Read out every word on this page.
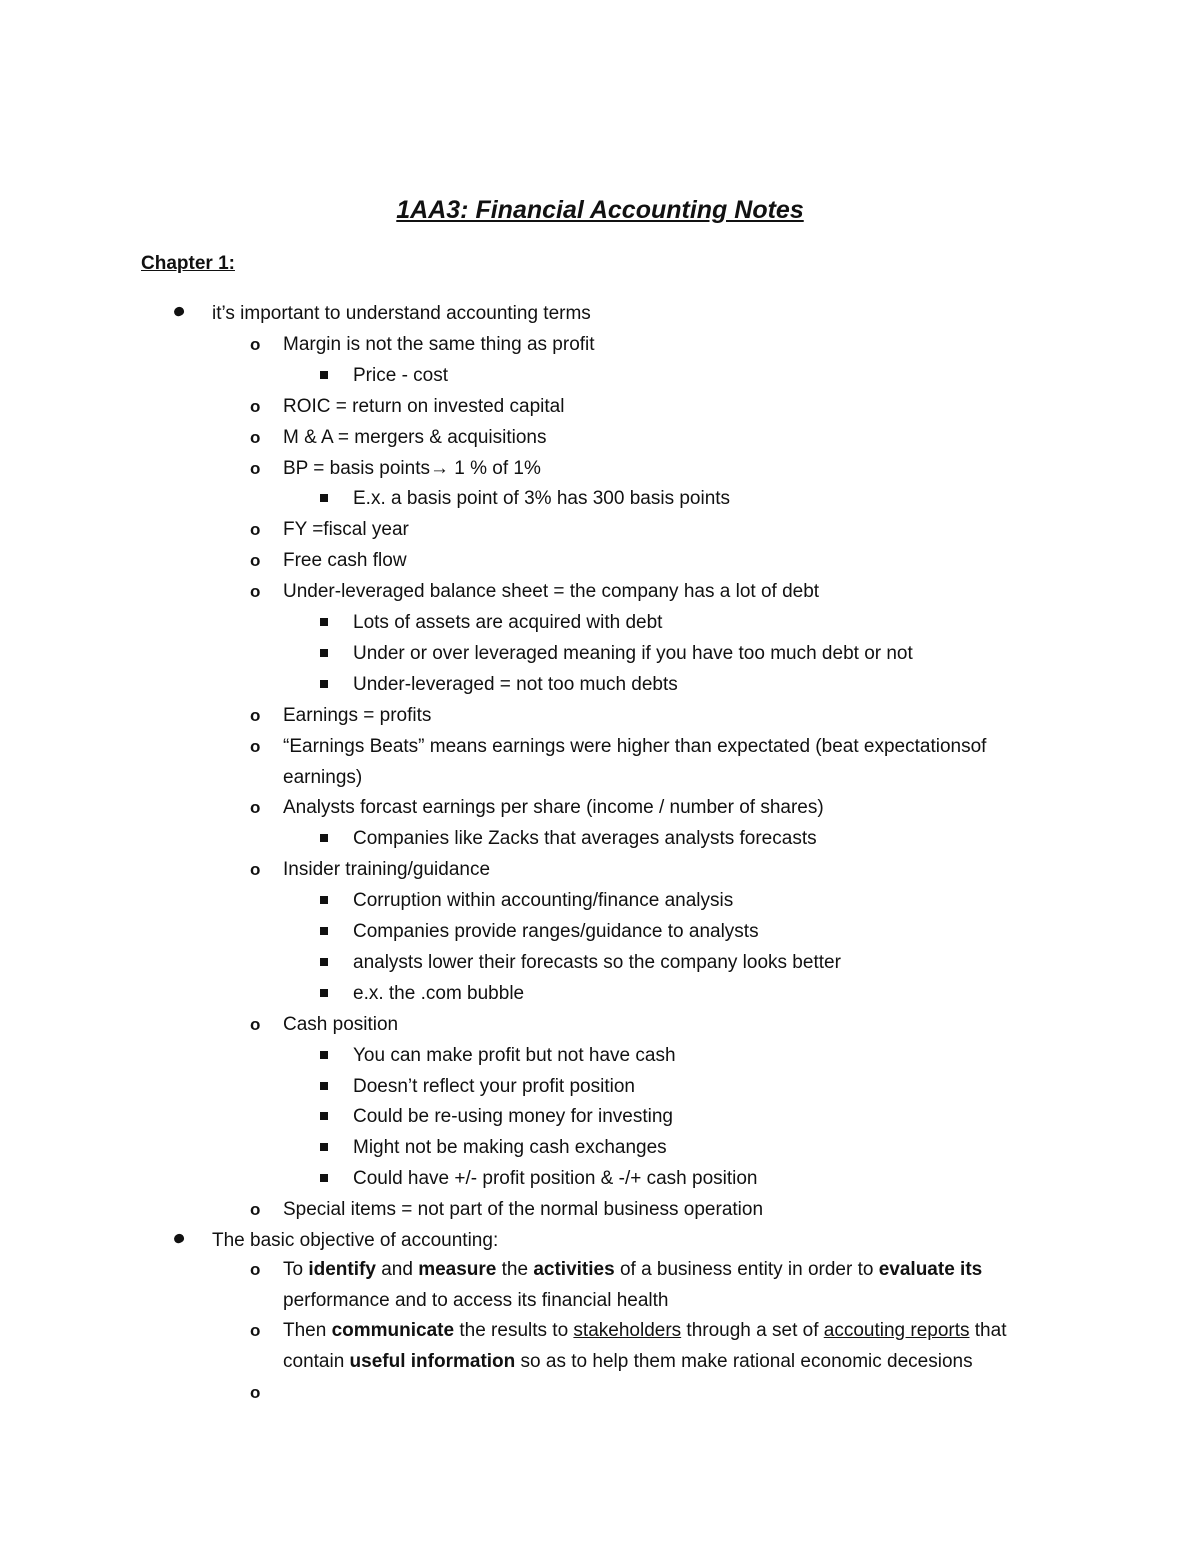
1AA3: Financial Accounting Notes
Chapter 1:
it’s important to understand accounting terms
o Margin is not the same thing as profit
Price - cost
o ROIC = return on invested capital
o M & A = mergers & acquisitions
o BP = basis points→ 1 % of 1%
E.x. a basis point of 3% has 300 basis points
o FY =fiscal year
o Free cash flow
o Under-leveraged balance sheet = the company has a lot of debt
Lots of assets are acquired with debt
Under or over leveraged meaning if you have too much debt or not
Under-leveraged = not too much debts
o Earnings = profits
o “Earnings Beats” means earnings were higher than expectated (beat expectationsof
earnings)
o Analysts forcast earnings per share (income / number of shares)
Companies like Zacks that averages analysts forecasts
o Insider training/guidance
Corruption within accounting/finance analysis
Companies provide ranges/guidance to analysts
analysts lower their forecasts so the company looks better
e.x. the .com bubble
o Cash position
You can make profit but not have cash
Doesn’t reflect your profit position
Could be re-using money for investing
Might not be making cash exchanges
Could have +/- profit position & -/+ cash position
o Special items = not part of the normal business operation
The basic objective of accounting:
o To identify and measure the activities of a business entity in order to evaluate its
performance and to access its financial health
o Then communicate the results to stakeholders through a set of accouting reports that
contain useful information so as to help them make rational economic decesions
o
